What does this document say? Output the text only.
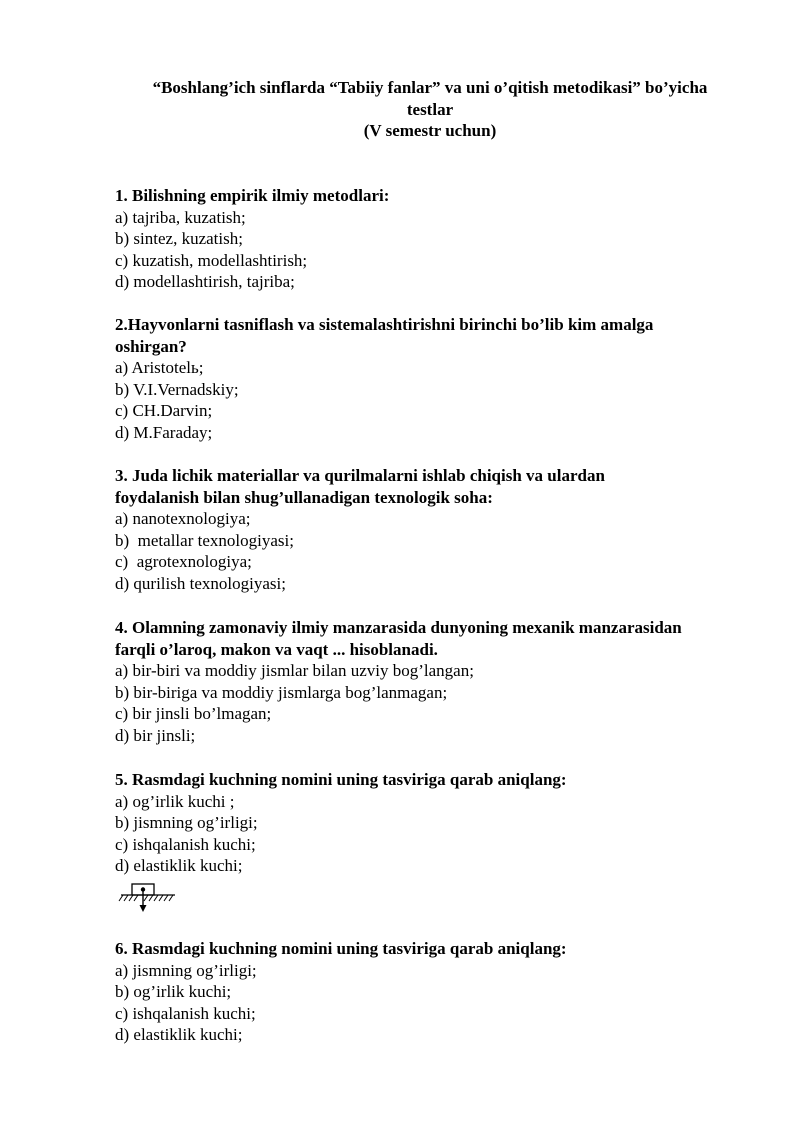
“Boshlang’ich sinflarda “Tabiiy fanlar” va uni o’qitish metodikasi” bo’yicha
testlar
(V semestr uchun)
1. Bilishning empirik ilmiy metodlari:
a) tajriba, kuzatish;
b) sintez, kuzatish;
c) kuzatish, modellashtirish;
d) modellashtirish, tajriba;
2.Hayvonlarni tasniflash va sistemalashtirishni birinchi bo’lib kim amalga
oshirgan?
a) Aristotelь;
b) V.I.Vernadskiy;
c) CH.Darvin;
d) M.Faraday;
3. Juda lichik materiallar va qurilmalarni ishlab chiqish va ulardan
foydalanish bilan shug’ullanadigan texnologik soha:
a) nanotexnologiya;
b)  metallar texnologiyasi;
c)  agrotexnologiya;
d) qurilish texnologiyasi;
4. Olamning zamonaviy ilmiy manzarasida dunyoning mexanik manzarasidan
farqli o’laroq, makon va vaqt ... hisoblanadi.
a) bir-biri va moddiy jismlar bilan uzviy bog’langan;
b) bir-biriga va moddiy jismlarga bog’lanmagan;
c) bir jinsli bo’lmagan;
d) bir jinsli;
5. Rasmdagi kuchning nomini uning tasviriga qarab aniqlang:
a) og’irlik kuchi ;
b) jismning og’irligi;
c) ishqalanish kuchi;
d) elastiklik kuchi;
6. Rasmdagi kuchning nomini uning tasviriga qarab aniqlang:
a) jismning og’irligi;
b) og’irlik kuchi;
c) ishqalanish kuchi;
d) elastiklik kuchi;
